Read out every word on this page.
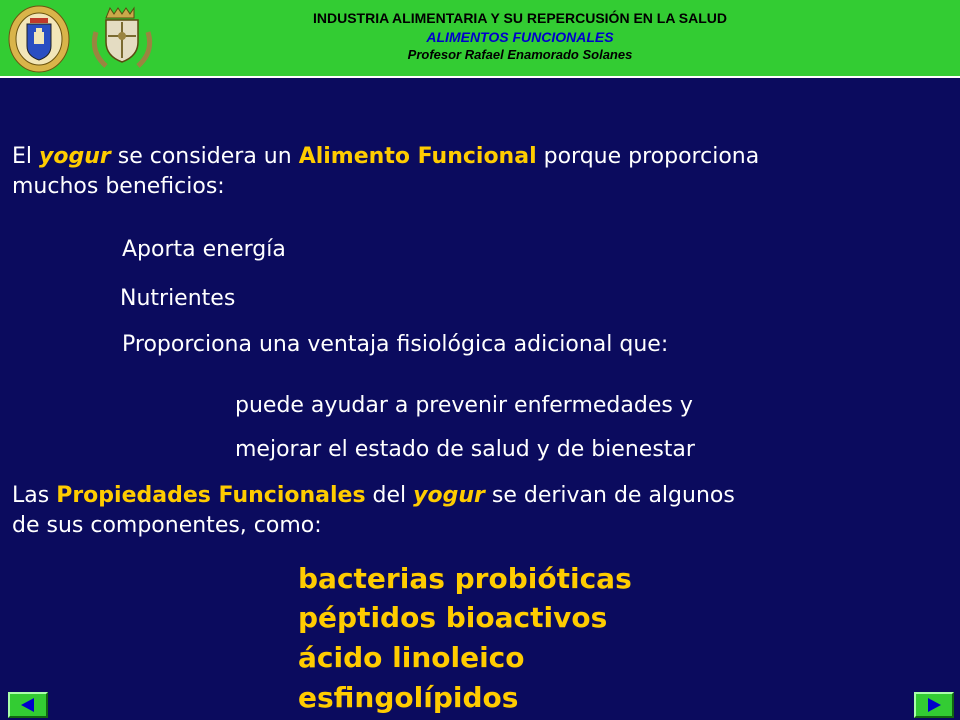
INDUSTRIA ALIMENTARIA Y SU REPERCUSIÓN EN LA SALUD
ALIMENTOS FUNCIONALES
Profesor Rafael Enamorado Solanes
El yogur se considera un Alimento Funcional porque proporciona
muchos beneficios:
Aporta energía
Nutrientes
Proporciona una ventaja fisiológica adicional que:
puede ayudar a prevenir enfermedades y
mejorar el estado de salud y de bienestar
Las Propiedades Funcionales del yogur se derivan de algunos
de sus componentes, como:
bacterias probióticas
péptidos bioactivos
ácido linoleico
esfingolípidos
